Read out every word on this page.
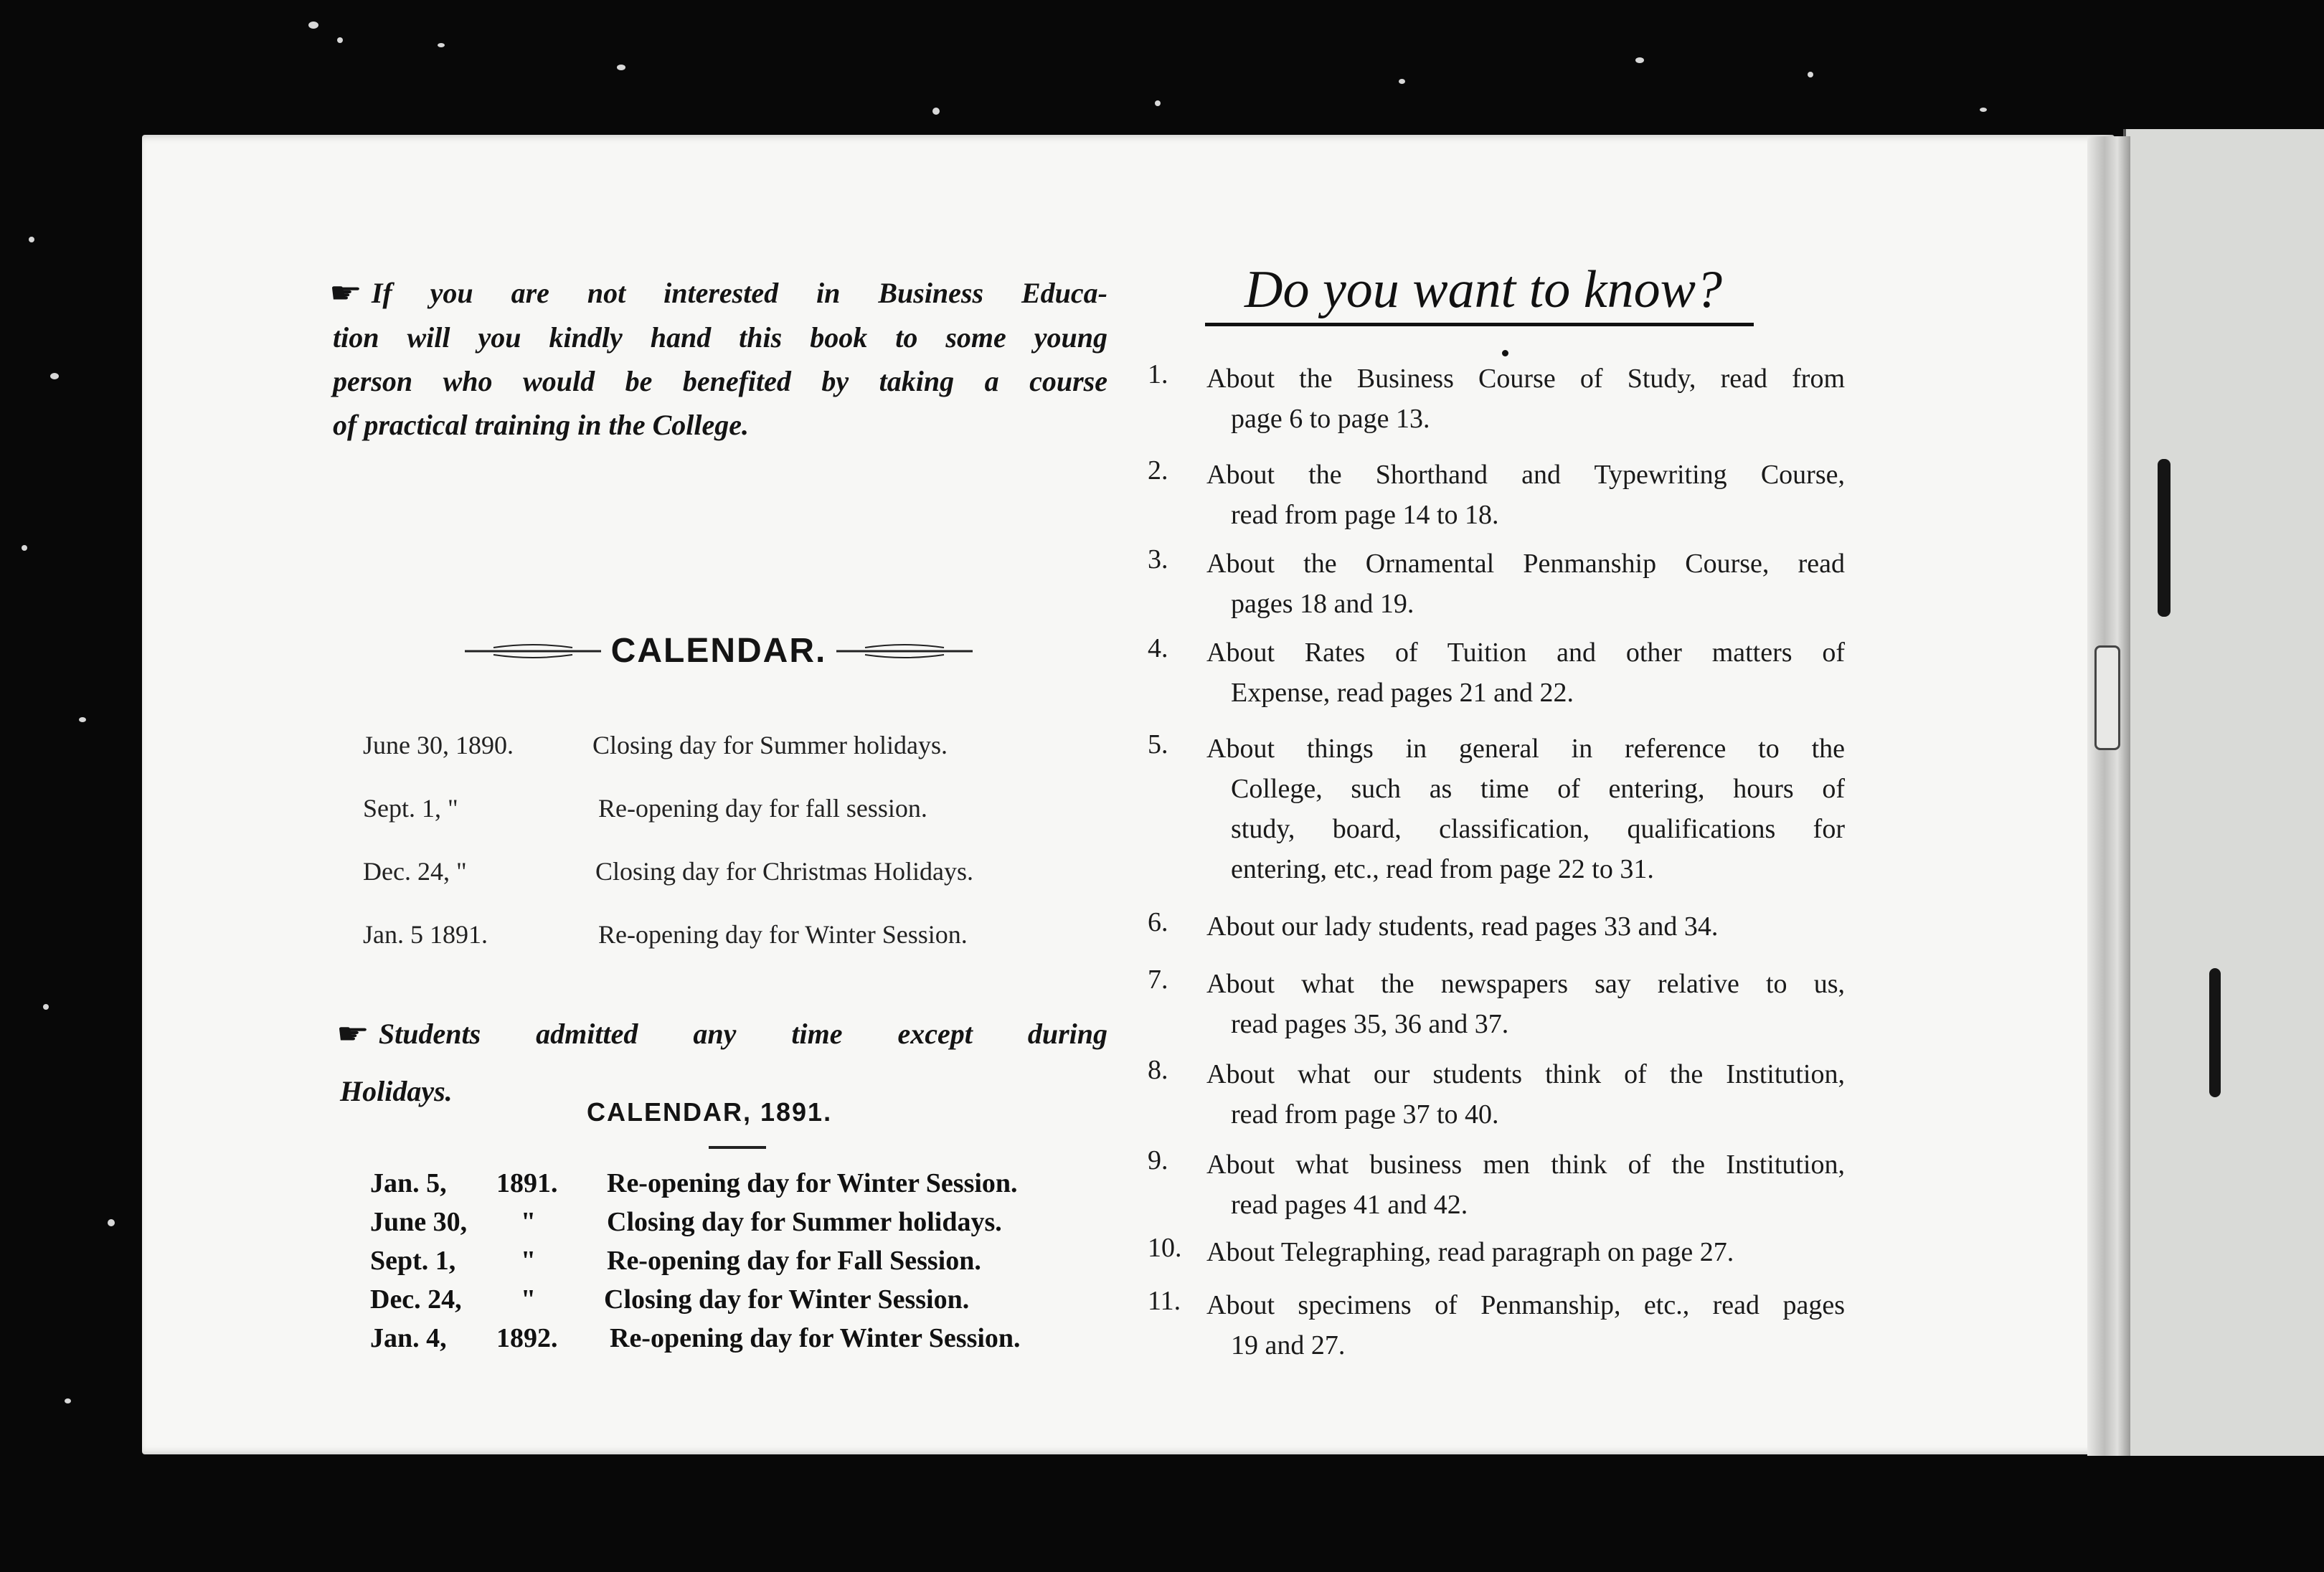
☛ If you are not interested in Business Educa-
tion will you kindly hand this book to some young
person who would be benefited by taking a course
of practical training in the College.
CALENDAR.
June 30, 1890.	Closing day for Summer holidays.
Sept. 1, "	Re-opening day for fall session.
Dec. 24, "	Closing day for Christmas Holidays.
Jan. 5 1891.	Re-opening day for Winter Session.
☛ Students admitted any time except during
Holidays.
CALENDAR, 1891.
Jan. 5, 1891. Re-opening day for Winter Session.
June 30, "	Closing day for Summer holidays.
Sept. 1, "	Re-opening day for Fall Session.
Dec. 24, " Closing day for Winter Session.
Jan. 4, 1892. Re-opening day for Winter Session.
Do you want to know?
1.	About the Business Course of Study, read from
page 6 to page 13.
2.	About the Shorthand and Typewriting Course,
read from page 14 to 18.
3.	About the Ornamental Penmanship Course, read
pages 18 and 19.
4.	About Rates of Tuition and other matters of
Expense, read pages 21 and 22.
5.	About things in general in reference to the
College, such as time of entering, hours of
study, board, classification, qualifications for
entering, etc., read from page 22 to 31.
6.	About our lady students, read pages 33 and 34.
7.	About what the newspapers say relative to us,
read pages 35, 36 and 37.
8.	About what our students think of the Institution,
read from page 37 to 40.
9.	About what business men think of the Institution,
read pages 41 and 42.
10. About Telegraphing, read paragraph on page 27.
11. About specimens of Penmanship, etc., read pages
19 and 27.
